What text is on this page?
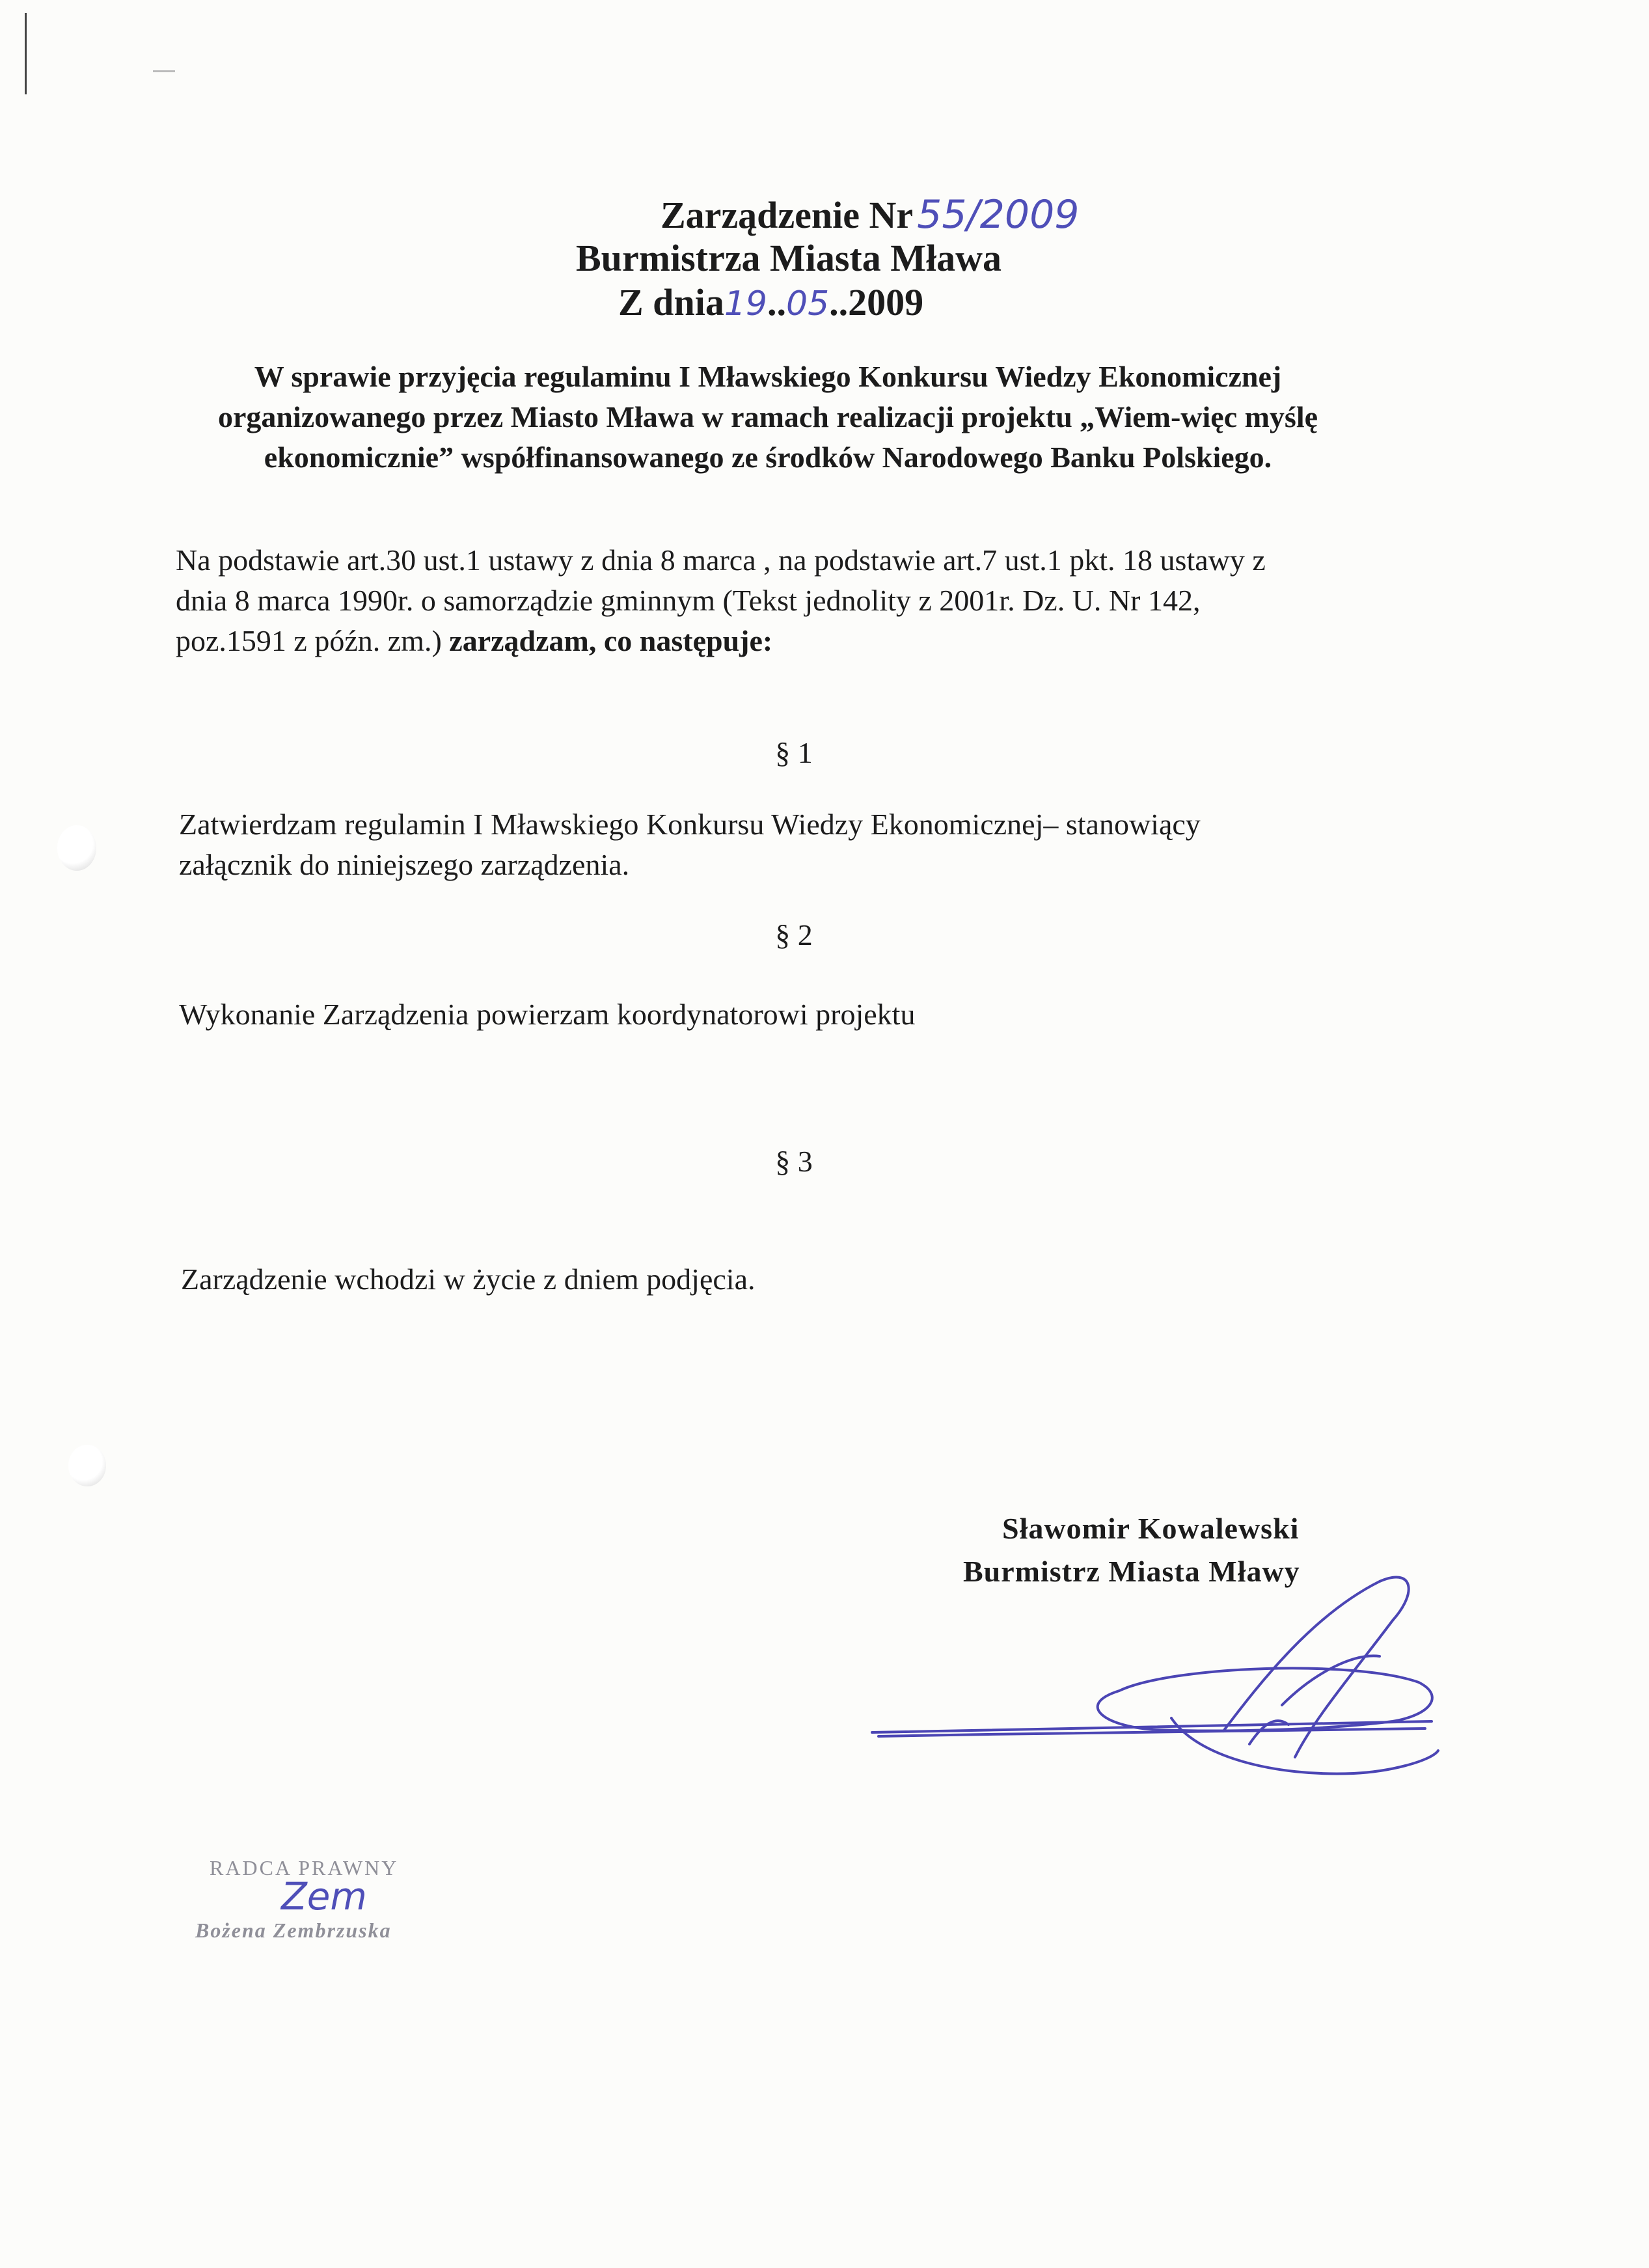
Zarządzenie Nr 55/2009
Burmistrza Miasta Mława
Z dnia19..05..2009
W sprawie przyjęcia regulaminu I Mławskiego Konkursu Wiedzy Ekonomicznej
organizowanego przez Miasto Mława w ramach realizacji projektu „Wiem-więc myślę
ekonomicznie” współfinansowanego ze środków Narodowego Banku Polskiego.
Na podstawie art.30 ust.1 ustawy z dnia 8 marca , na podstawie art.7 ust.1 pkt. 18 ustawy z
dnia 8 marca 1990r. o samorządzie gminnym (Tekst jednolity z 2001r. Dz. U. Nr 142,
poz.1591 z późn. zm.) zarządzam, co następuje:
§ 1
Zatwierdzam regulamin I Mławskiego Konkursu Wiedzy Ekonomicznej– stanowiący
załącznik do niniejszego zarządzenia.
§ 2
Wykonanie Zarządzenia powierzam koordynatorowi projektu
§ 3
Zarządzenie wchodzi w życie z dniem podjęcia.
Sławomir Kowalewski
Burmistrz Miasta Mławy
RADCA PRAWNY
Bożena Zembrzuska
Zem
